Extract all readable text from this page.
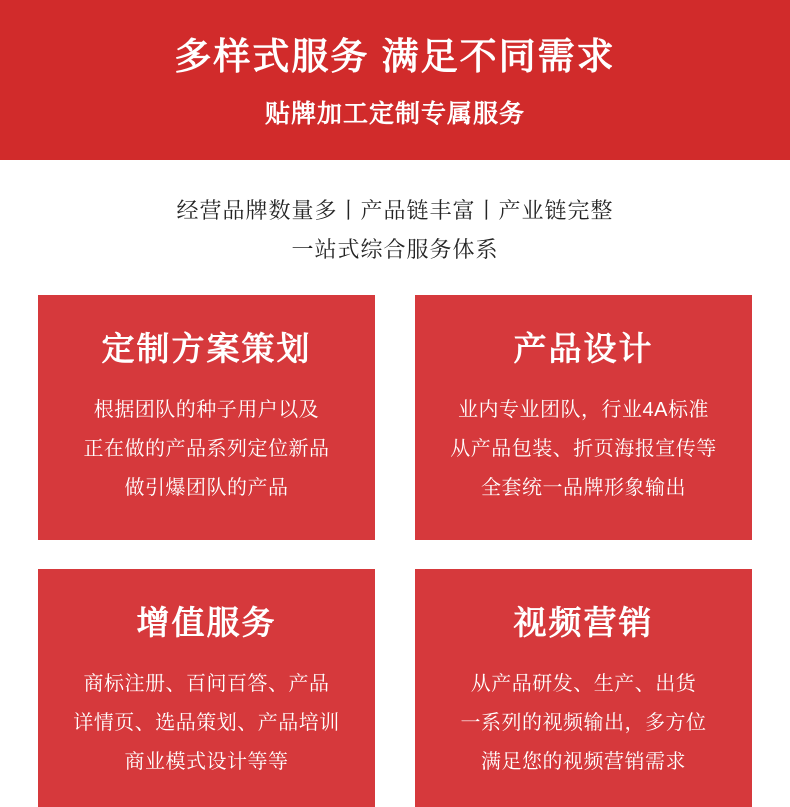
多样式服务 满足不同需求
贴牌加工定制专属服务
经营品牌数量多丨产品链丰富丨产业链完整
一站式综合服务体系
定制方案策划
根据团队的种子用户以及
正在做的产品系列定位新品
做引爆团队的产品
产品设计
业内专业团队，行业4A标准
从产品包装、折页海报宣传等
全套统一品牌形象输出
增值服务
商标注册、百问百答、产品
详情页、选品策划、产品培训
商业模式设计等等
视频营销
从产品研发、生产、出货
一系列的视频输出，多方位
满足您的视频营销需求
